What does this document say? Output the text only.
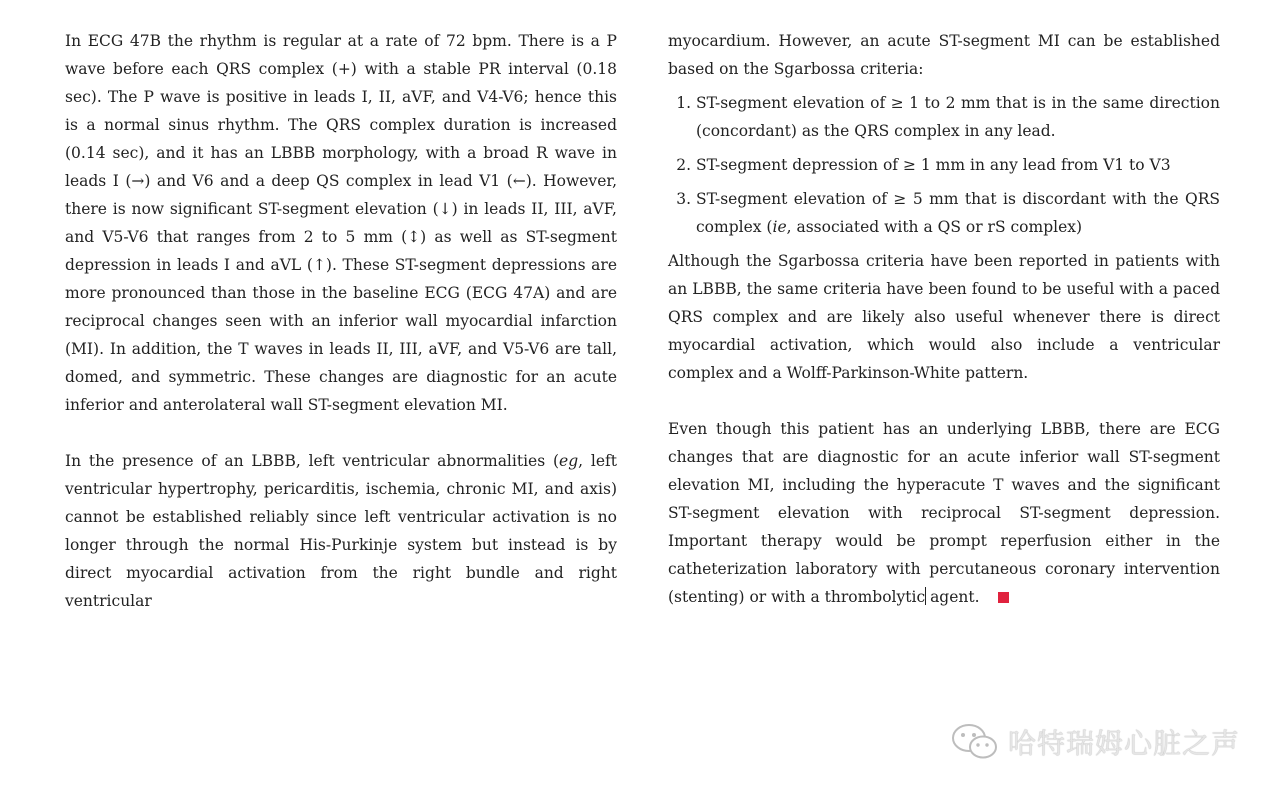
In ECG 47B the rhythm is regular at a rate of 72 bpm. There is a P wave before each QRS complex (+) with a stable PR interval (0.18 sec). The P wave is positive in leads I, II, aVF, and V4-V6; hence this is a normal sinus rhythm. The QRS complex duration is increased (0.14 sec), and it has an LBBB morphology, with a broad R wave in leads I (→) and V6 and a deep QS complex in lead V1 (←). However, there is now significant ST-segment elevation (↓) in leads II, III, aVF, and V5-V6 that ranges from 2 to 5 mm (↕) as well as ST-segment depression in leads I and aVL (↑). These ST-segment depressions are more pronounced than those in the baseline ECG (ECG 47A) and are reciprocal changes seen with an inferior wall myocardial infarction (MI). In addition, the T waves in leads II, III, aVF, and V5-V6 are tall, domed, and symmetric. These changes are diagnostic for an acute inferior and anterolateral wall ST-segment elevation MI.

In the presence of an LBBB, left ventricular abnormalities (eg, left ventricular hypertrophy, pericarditis, ischemia, chronic MI, and axis) cannot be established reliably since left ventricular activation is no longer through the normal His-Purkinje system but instead is by direct myocardial activation from the right bundle and right ventricular

myocardium. However, an acute ST-segment MI can be established based on the Sgarbossa criteria:

1. ST-segment elevation of ≥ 1 to 2 mm that is in the same direction (concordant) as the QRS complex in any lead.
2. ST-segment depression of ≥ 1 mm in any lead from V1 to V3
3. ST-segment elevation of ≥ 5 mm that is discordant with the QRS complex (ie, associated with a QS or rS complex)

Although the Sgarbossa criteria have been reported in patients with an LBBB, the same criteria have been found to be useful with a paced QRS complex and are likely also useful whenever there is direct myocardial activation, which would also include a ventricular complex and a Wolff-Parkinson-White pattern.

Even though this patient has an underlying LBBB, there are ECG changes that are diagnostic for an acute inferior wall ST-segment elevation MI, including the hyperacute T waves and the significant ST-segment elevation with reciprocal ST-segment depression. Important therapy would be prompt reperfusion either in the catheterization laboratory with percutaneous coronary intervention (stenting) or with a thrombolytic agent.

哈特瑞姆心脏之声
